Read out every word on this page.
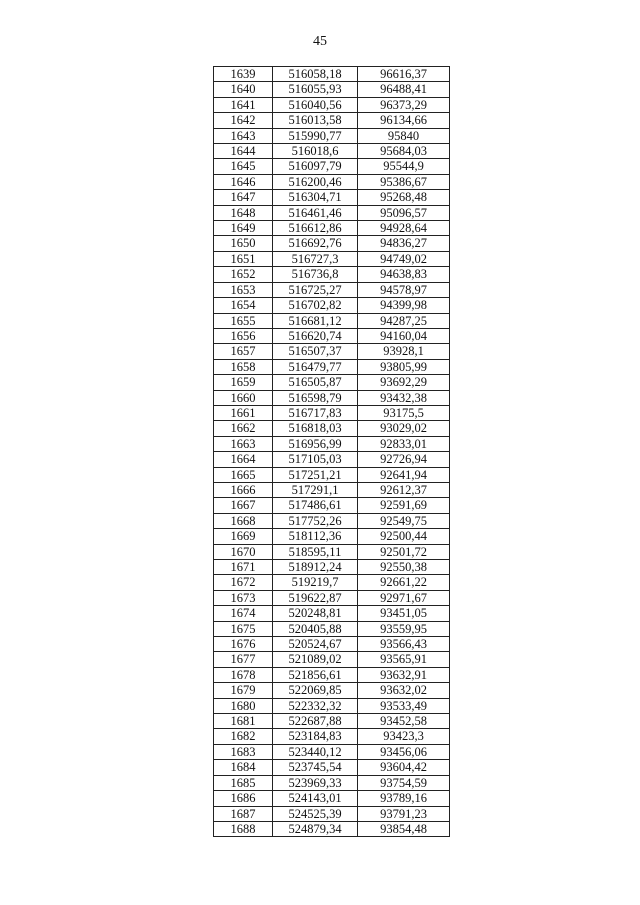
45
1639	516058,18	96616,37
1640	516055,93	96488,41
1641	516040,56	96373,29
1642	516013,58	96134,66
1643	515990,77	95840
1644	516018,6	95684,03
1645	516097,79	95544,9
1646	516200,46	95386,67
1647	516304,71	95268,48
1648	516461,46	95096,57
1649	516612,86	94928,64
1650	516692,76	94836,27
1651	516727,3	94749,02
1652	516736,8	94638,83
1653	516725,27	94578,97
1654	516702,82	94399,98
1655	516681,12	94287,25
1656	516620,74	94160,04
1657	516507,37	93928,1
1658	516479,77	93805,99
1659	516505,87	93692,29
1660	516598,79	93432,38
1661	516717,83	93175,5
1662	516818,03	93029,02
1663	516956,99	92833,01
1664	517105,03	92726,94
1665	517251,21	92641,94
1666	517291,1	92612,37
1667	517486,61	92591,69
1668	517752,26	92549,75
1669	518112,36	92500,44
1670	518595,11	92501,72
1671	518912,24	92550,38
1672	519219,7	92661,22
1673	519622,87	92971,67
1674	520248,81	93451,05
1675	520405,88	93559,95
1676	520524,67	93566,43
1677	521089,02	93565,91
1678	521856,61	93632,91
1679	522069,85	93632,02
1680	522332,32	93533,49
1681	522687,88	93452,58
1682	523184,83	93423,3
1683	523440,12	93456,06
1684	523745,54	93604,42
1685	523969,33	93754,59
1686	524143,01	93789,16
1687	524525,39	93791,23
1688	524879,34	93854,48
